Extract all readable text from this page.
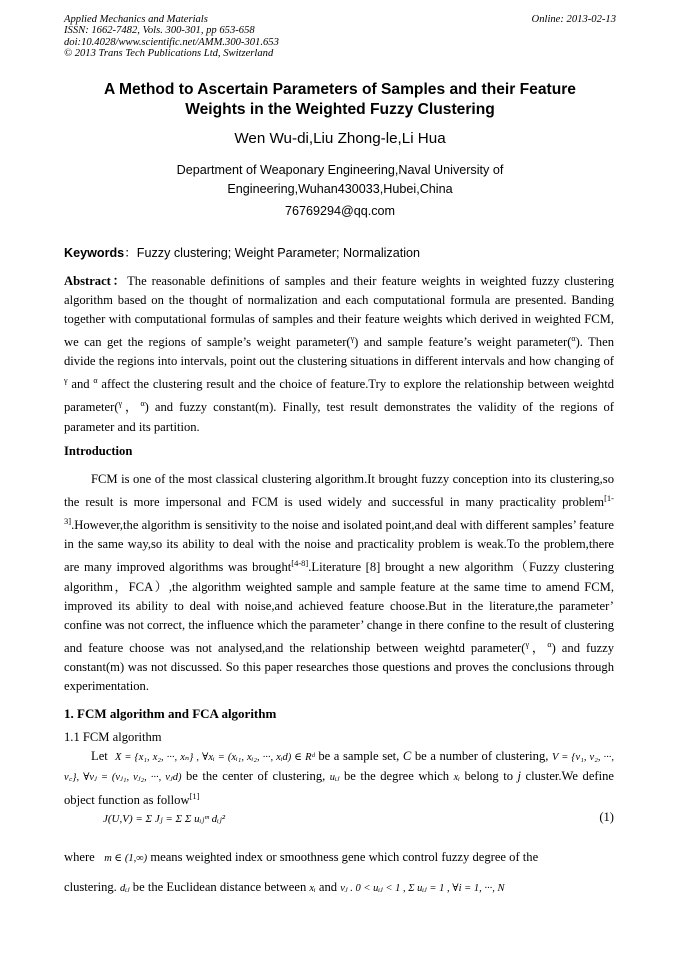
Applied Mechanics and Materials
ISSN: 1662-7482, Vols. 300-301, pp 653-658
doi:10.4028/www.scientific.net/AMM.300-301.653
© 2013 Trans Tech Publications Ltd, Switzerland
Online: 2013-02-13
A Method to Ascertain Parameters of Samples and their Feature
Weights in the Weighted Fuzzy Clustering
Wen Wu-di,Liu Zhong-le,Li Hua
Department of Weaponary Engineering,Naval University of
Engineering,Wuhan430033,Hubei,China
76769294@qq.com
Keywords：Fuzzy clustering; Weight Parameter; Normalization
Abstract：The reasonable definitions of samples and their feature weights in weighted fuzzy clustering algorithm based on the thought of normalization and each computational formula are presented. Banding together with computational formulas of samples and their feature weights which derived in weighted FCM, we can get the regions of sample’s weight parameter($^\gamma$) and sample feature’s weight parameter($^\alpha$). Then divide the regions into intervals, point out the clustering situations in different intervals and how changing of $^\gamma$ and $^\alpha$ affect the clustering result and the choice of feature.Try to explore the relationship between weightd parameter($^\gamma$，$^\alpha$) and fuzzy constant(m). Finally, test result demonstrates the validity of the regions of parameter and its partition.
Introduction
FCM is one of the most classical clustering algorithm.It brought fuzzy conception into its clustering,so the result is more impersonal and FCM is used widely and successful in many practicality problem[1-3].However,the algorithm is sensitivity to the noise and isolated point,and deal with different samples’ feature in the same way,so its ability to deal with the noise and practicality problem is weak.To the problem,there are many improved algorithms was brought[4-8].Literature [8] brought a new algorithm（Fuzzy clustering algorithm，FCA）,the algorithm weighted sample and sample feature at the same time to amend FCM, improved its ability to deal with noise,and achieved feature choose.But in the literature,the parameter’ confine was not correct, the influence which the parameter’ change in there confine to the result of clustering and feature choose was not analysed,and the relationship between weightd parameter($^\gamma$，$^\alpha$) and fuzzy constant(m) was not discussed. So this paper researches those questions and proves the conclusions through experimentation.
1. FCM algorithm and FCA algorithm
1.1 FCM algorithm
Let X = {x₁, x₂, ···, xₙ} , ∀xᵢ = (xᵢ₁, xᵢ₂, ···, xᵢd) ∈ Rᵈ be a sample set, C be a number of clustering, V = {v₁, v₂, ···, v꜀}, ∀vⱼ = (vⱼ₁, vⱼ₂, ···, vⱼd) be the center of clustering, uᵢⱼ be the degree which xᵢ belong to j cluster.We define object function as follow[1]
J(U,V) = Σ Jⱼ = Σ Σ uᵢⱼᵐ dᵢⱼ²	(1)
where m ∈ (1,∞) means weighted index or smoothness gene which control fuzzy degree of the
clustering. dᵢⱼ be the Euclidean distance between xᵢ and vⱼ . 0 < uᵢⱼ < 1 , Σ uᵢⱼ = 1 , ∀i = 1, ···, N
